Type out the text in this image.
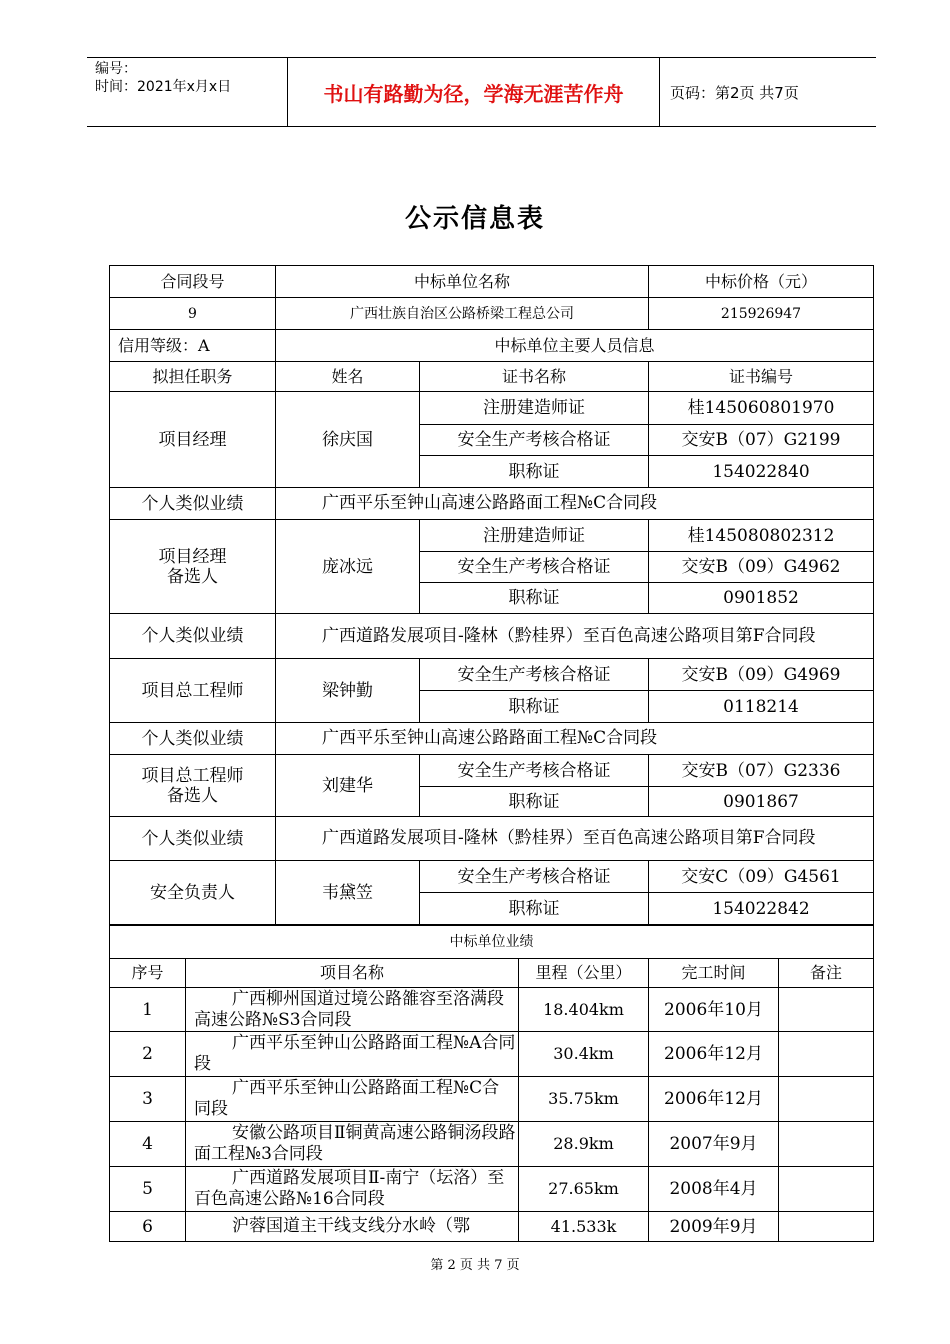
编号：
时间：2021年x月x日	书山有路勤为径，学海无涯苦作舟	页码：第2页 共7页
公示信息表
合同段号	中标单位名称		中标价格（元）
9	广西壮族自治区公路桥梁工程总公司		215926947
信用等级：A	中标单位主要人员信息		
拟担任职务	姓名	证书名称	证书编号
项目经理	徐庆国	注册建造师证	桂145060801970
		安全生产考核合格证	交安B（07）G2199
		职称证	154022840
个人类似业绩	广西平乐至钟山高速公路路面工程№C合同段		

项目经理
备选人	庞冰远	注册建造师证	桂145080802312
		安全生产考核合格证	交安B（09）G4962
		职称证	0901852
个人类似业绩	广西道路发展项目-隆林（黔桂界）至百色高速公路项目第F合同段		
项目总工程师	梁钟勤	安全生产考核合格证	交安B（09）G4969
		职称证	0118214
个人类似业绩	广西平乐至钟山高速公路路面工程№C合同段		

项目总工程师
备选人	刘建华	安全生产考核合格证	交安B（07）G2336
		职称证	0901867
个人类似业绩	广西道路发展项目-隆林（黔桂界）至百色高速公路项目第F合同段		
安全负责人	韦黛笠	安全生产考核合格证	交安C（09）G4561
		职称证	154022842
中标单位业绩				
序号	项目名称	里程（公里）	完工时间	备注
1	广西柳州国道过境公路雒容至洛满段高速公路№S3合同段	18.404km	2006年10月	
2	广西平乐至钟山公路路面工程№A合同段	30.4km	2006年12月	
3	广西平乐至钟山公路路面工程№C合同段	35.75km	2006年12月	
4	安徽公路项目Ⅱ铜黄高速公路铜汤段路面工程№3合同段	28.9km	2007年9月	
5	广西道路发展项目Ⅱ-南宁（坛洛）至百色高速公路№16合同段	27.65km	2008年4月	
6	沪蓉国道主干线支线分水岭（鄂	41.533k	2009年9月	
第 2 页 共 7 页
